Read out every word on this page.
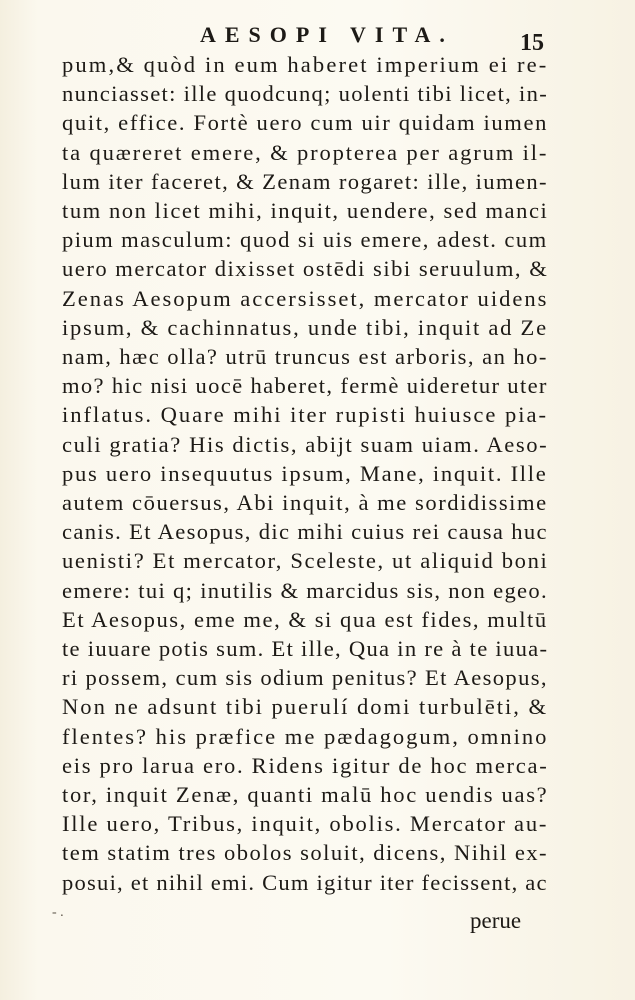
AESOPI VITA.	15
pum,& quòd in eum haberet imperium ei re-
nunciasset: ille quodcunq; uolenti tibi licet, in-
quit, effice. Fortè uero cum uir quidam iumen
ta quæreret emere, & propterea per agrum il-
lum iter faceret, & Zenam rogaret: ille, iumen-
tum non licet mihi, inquit, uendere, sed manci
pium masculum: quod si uis emere, adest. cum
uero mercator dixisset ostēdi sibi seruulum, &
Zenas Aesopum accersisset, mercator uidens
ipsum, & cachinnatus, unde tibi, inquit ad Ze
nam, hæc olla? utrū truncus est arboris, an ho-
mo? hic nisi uocē haberet, fermè uideretur uter
inflatus. Quare mihi iter rupisti huiusce pia-
culi gratia? His dictis, abijt suam uiam. Aeso-
pus uero insequutus ipsum, Mane, inquit. Ille
autem cōuersus, Abi inquit, à me sordidissime
canis. Et Aesopus, dic mihi cuius rei causa huc
uenisti? Et mercator, Scelestе, ut aliquid boni
emere: tui q; inutilis & marcidus sis, non egeo.
Et Aesopus, eme me, & si qua est fides, multū
te iuuare potis sum. Et ille, Qua in re à te iuua-
ri possem, cum sis odium penitus? Et Aesopus,
Non ne adsunt tibi puerulí domi turbulēti, &
flentes? his præfice me pædagogum, omnino
eis pro larua ero. Ridens igitur de hoc merca-
tor, inquit Zenæ, quanti malū hoc uendis uas?
Ille uero, Tribus, inquit, obolis. Mercator au-
tem statim tres obolos soluit, dicens, Nihil ex-
posui, et nihil emi. Cum igitur iter fecissent, ac
- .	perue
